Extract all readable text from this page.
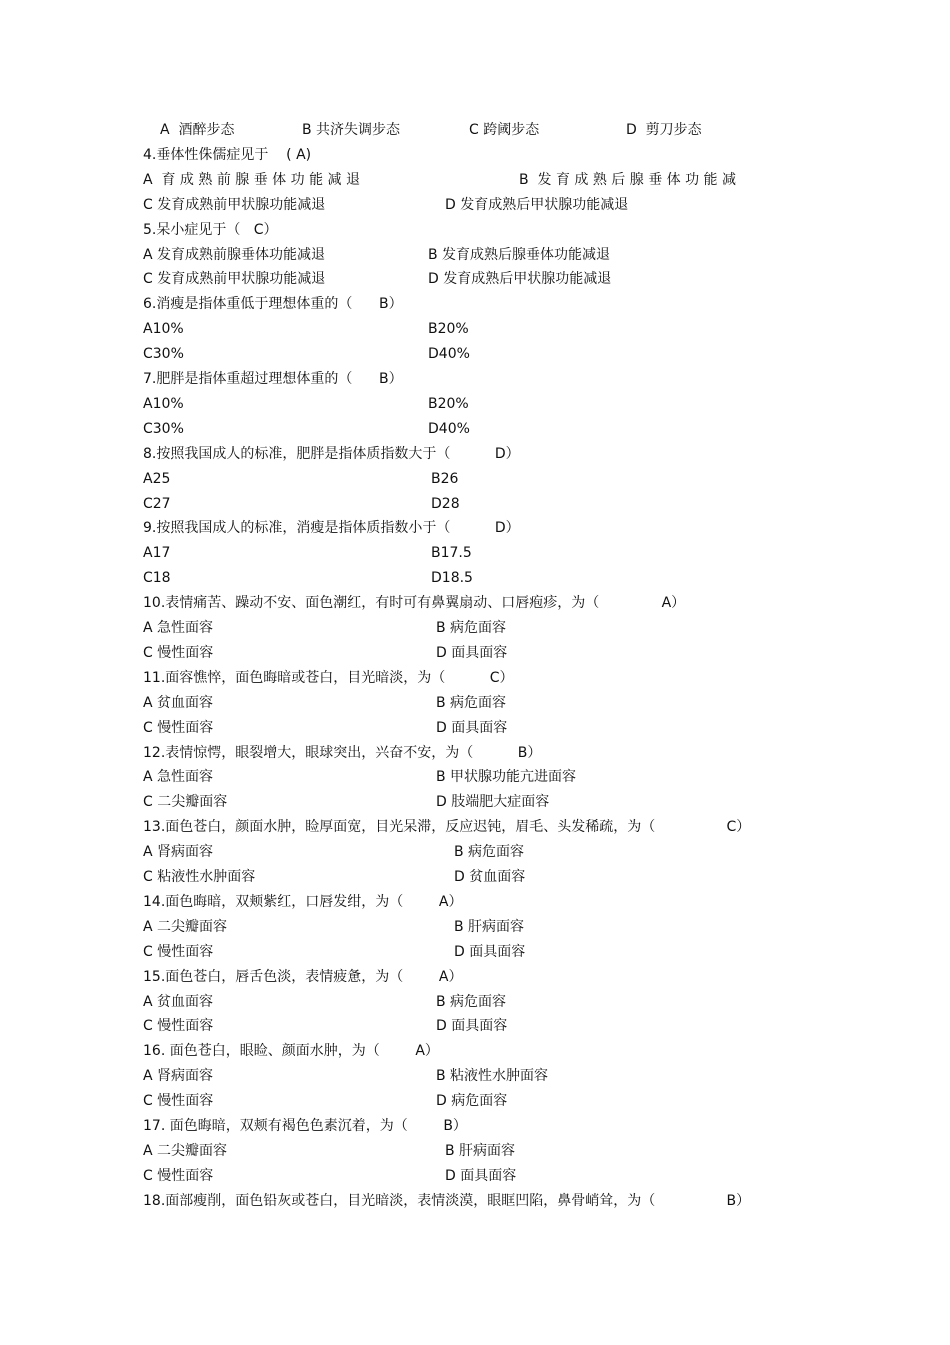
A  酒醉步态	B 共济失调步态	C 跨阈步态	D  剪刀步态
4.垂体性侏儒症见于    ( A)
A  育 成 熟 前 腺 垂 体 功 能 减 退	B  发 育 成 熟 后 腺 垂 体 功 能 减
C 发育成熟前甲状腺功能减退	D 发育成熟后甲状腺功能减退
5.呆小症见于（   C）
A 发育成熟前腺垂体功能减退	B 发育成熟后腺垂体功能减退
C 发育成熟前甲状腺功能减退	D 发育成熟后甲状腺功能减退
6.消瘦是指体重低于理想体重的（      B）
A10%	B20%
C30%	D40%
7.肥胖是指体重超过理想体重的（      B）
A10%	B20%
C30%	D40%
8.按照我国成人的标准，肥胖是指体质指数大于（          D）
A25	B26
C27	D28
9.按照我国成人的标准，消瘦是指体质指数小于（          D）
A17	B17.5
C18	D18.5
10.表情痛苦、躁动不安、面色潮红，有时可有鼻翼扇动、口唇疱疹，为（              A）
A 急性面容	B 病危面容
C 慢性面容	D 面具面容
11.面容憔悴，面色晦暗或苍白，目光暗淡，为（          C）
A 贫血面容	B 病危面容
C 慢性面容	D 面具面容
12.表情惊愕，眼裂增大，眼球突出，兴奋不安，为（          B）
A 急性面容	B 甲状腺功能亢进面容
C 二尖瓣面容	D 肢端肥大症面容
13.面色苍白，颜面水肿，睑厚面宽，目光呆滞，反应迟钝，眉毛、头发稀疏，为（                C）
A 肾病面容	B 病危面容
C 粘液性水肿面容	D 贫血面容
14.面色晦暗，双颊紫红，口唇发绀，为（        A）
A 二尖瓣面容	B 肝病面容
C 慢性面容	D 面具面容
15.面色苍白，唇舌色淡，表情疲惫，为（        A）
A 贫血面容	B 病危面容
C 慢性面容	D 面具面容
16. 面色苍白，眼睑、颜面水肿，为（        A）
A 肾病面容	B 粘液性水肿面容
C 慢性面容	D 病危面容
17. 面色晦暗，双颊有褐色色素沉着，为（        B）
A 二尖瓣面容	B 肝病面容
C 慢性面容	D 面具面容
18.面部瘦削，面色铅灰或苍白，目光暗淡，表情淡漠，眼眶凹陷，鼻骨峭耸，为（                B）
